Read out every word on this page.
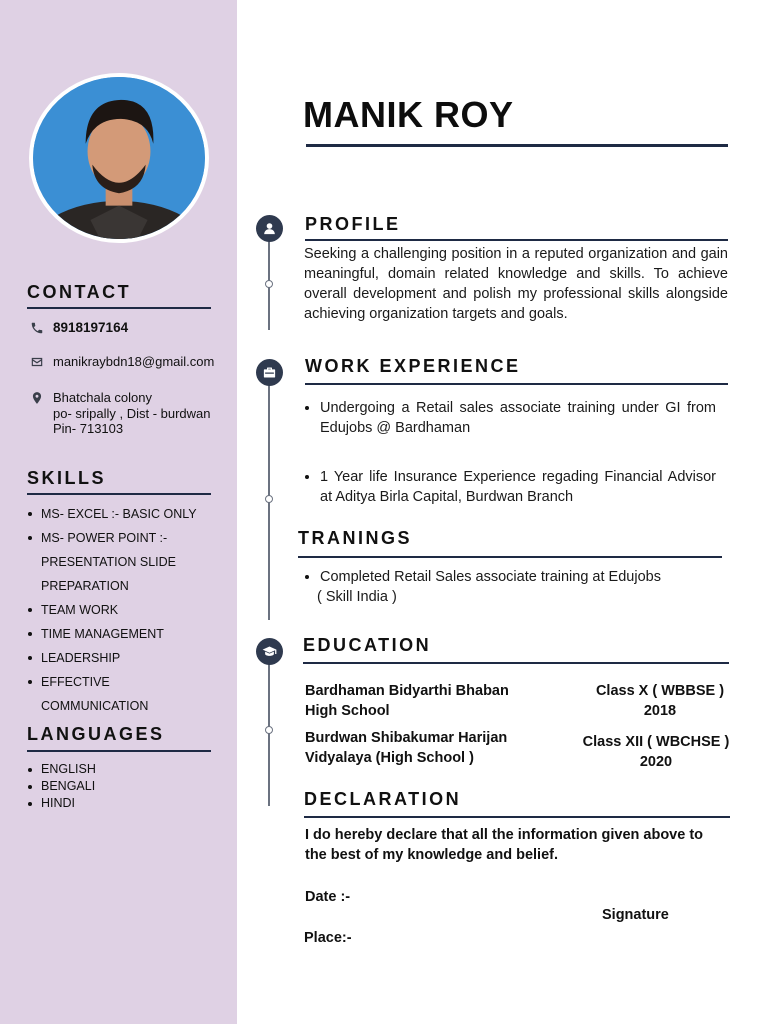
CONTACT
8918197164
manikraybdn18@gmail.com
Bhatchala colony
po- sripally , Dist - burdwan
Pin- 713103
SKILLS
MS- EXCEL :- BASIC ONLY
MS- POWER POINT :-
PRESENTATION SLIDE
PREPARATION
TEAM WORK
TIME MANAGEMENT
LEADERSHIP
EFFECTIVE
COMMUNICATION
LANGUAGES
ENGLISH
BENGALI
HINDI
MANIK ROY
PROFILE
Seeking a challenging position in a reputed organization and gain meaningful, domain related knowledge and skills. To achieve overall development and polish my professional skills alongside achieving organization targets and goals.
WORK EXPERIENCE
Undergoing a Retail sales associate training under GI from Edujobs @ Bardhaman
1 Year life Insurance Experience regading Financial Advisor at Aditya Birla Capital, Burdwan Branch
TRANINGS
Completed Retail Sales associate training at Edujobs
( Skill India )
EDUCATION
Bardhaman Bidyarthi Bhaban
High School
Class X ( WBBSE )
2018
Burdwan Shibakumar Harijan
Vidyalaya (High School )
Class XII ( WBCHSE )
2020
DECLARATION
I do hereby declare that all the information given above to
the best of my knowledge and belief.
Date :-
Signature
Place:-
